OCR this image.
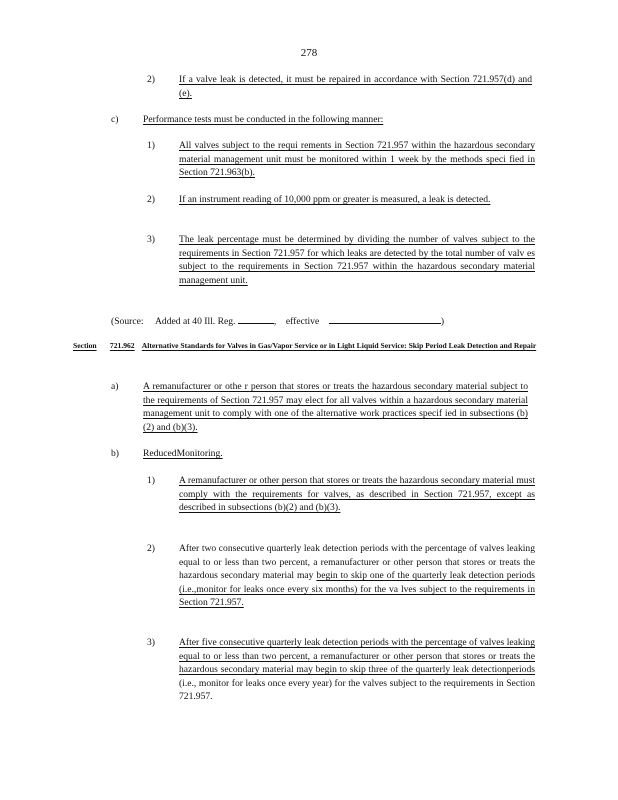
278
2)	If a valve leak is detected, it must be repaired in accordance with Section 721.957(d) and (e).
c)	Performance tests must be conducted in the following manner:
1)	All valves subject to the requi rements in Section 721.957 within the hazardous secondary material management unit must be monitored within 1 week by the methods speci fied in Section 721.963(b).
2)	If an instrument reading of 10,000 ppm or greater is measured, a leak is detected.
3)	The leak percentage must be determined by dividing the number of valves subject to the requirements in Section 721.957 for which leaks are detected by the total number of valv es subject to the requirements in Section 721.957 within the hazardous secondary material management unit.
(Source: Added at 40 Ill. Reg.	, effective	)
Section 721.962 Alternative Standards for Valves in Gas/Vapor Service or in Light Liquid Service: Skip Period Leak Detection and Repair
a)	A remanufacturer or othe r person that stores or treats the hazardous secondary material subject to the requirements of Section 721.957 may elect for all valves within a hazardous secondary material management unit to comply with one of the alternative work practices specif ied in subsections (b)(2) and (b)(3).
b)	ReducedMonitoring.
1)	A remanufacturer or other person that stores or treats the hazardous secondary material must comply with the requirements for valves, as described in Section 721.957, except as described in subsections (b)(2) and (b)(3).
2)	After two consecutive quarterly leak detection periods with the percentage of valves leaking equal to or less than two percent, a remanufacturer or other person that stores or treats the hazardous secondary material may begin to skip one of the quarterly leak detection periods (i.e.,monitor for leaks once every six months) for the va lves subject to the requirements in Section 721.957.
3)	After five consecutive quarterly leak detection periods with the percentage of valves leaking equal to or less than two percent, a remanufacturer or other person that stores or treats the hazardous secondary material may begin to skip three of the quarterly leak detectionperiods (i.e., monitor for leaks once every year) for the valves subject to the requirements in Section 721.957.
